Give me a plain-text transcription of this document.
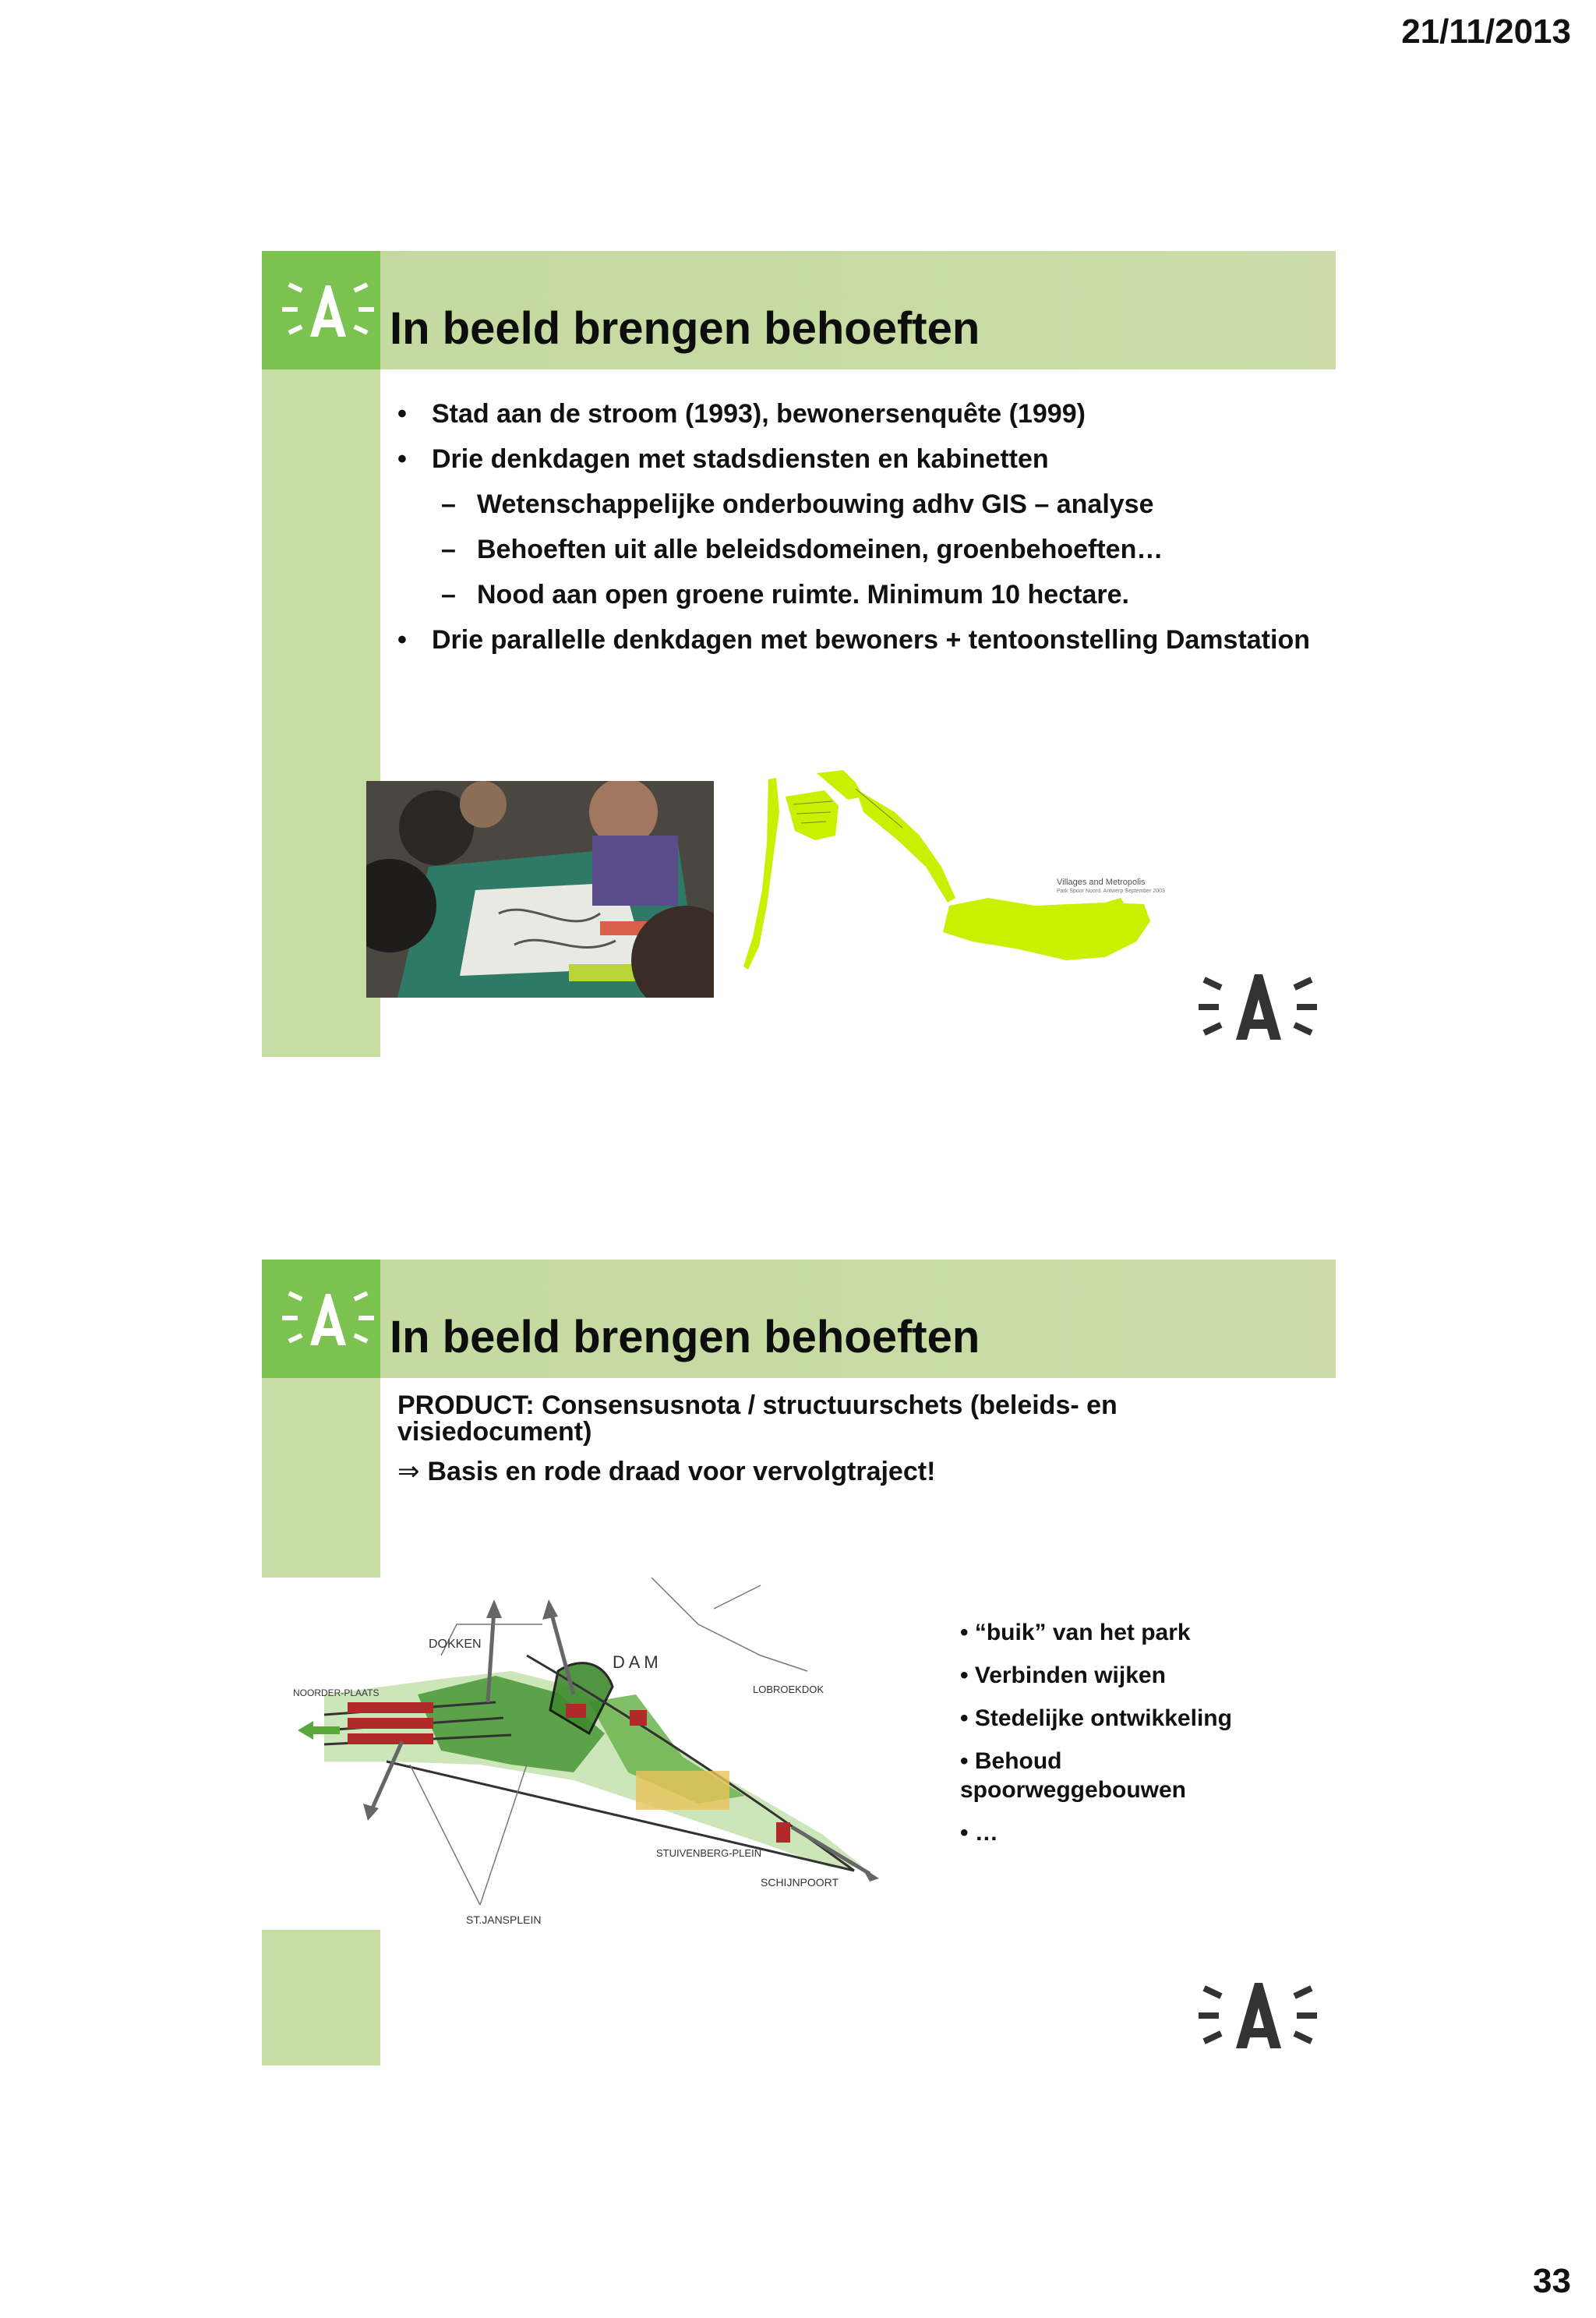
21/11/2013
In beeld brengen behoeften
• Stad aan de stroom (1993), bewonersenquête (1999)
• Drie denkdagen met stadsdiensten en kabinetten
– Wetenschappelijke onderbouwing adhv GIS – analyse
– Behoeften uit alle beleidsdomeinen, groenbehoeften…
– Nood aan open groene ruimte. Minimum 10 hectare.
• Drie parallelle denkdagen met bewoners + tentoonstelling Damstation
Villages and Metropolis
Park Spoor Noord. Antwerp September 2003
In beeld brengen behoeften
PRODUCT: Consensusnota / structuurschets (beleids- en visiedocument)
⇒ Basis en rode draad voor vervolgtraject!
DOKKEN
D A M
NOORDER-PLAATS	LOBROEKDOK
STUIVENBERG-PLEIN
SCHIJNPOORT
ST.JANSPLEIN
• “buik” van het park
• Verbinden wijken
• Stedelijke ontwikkeling
• Behoud spoorweggebouwen
• …
33
